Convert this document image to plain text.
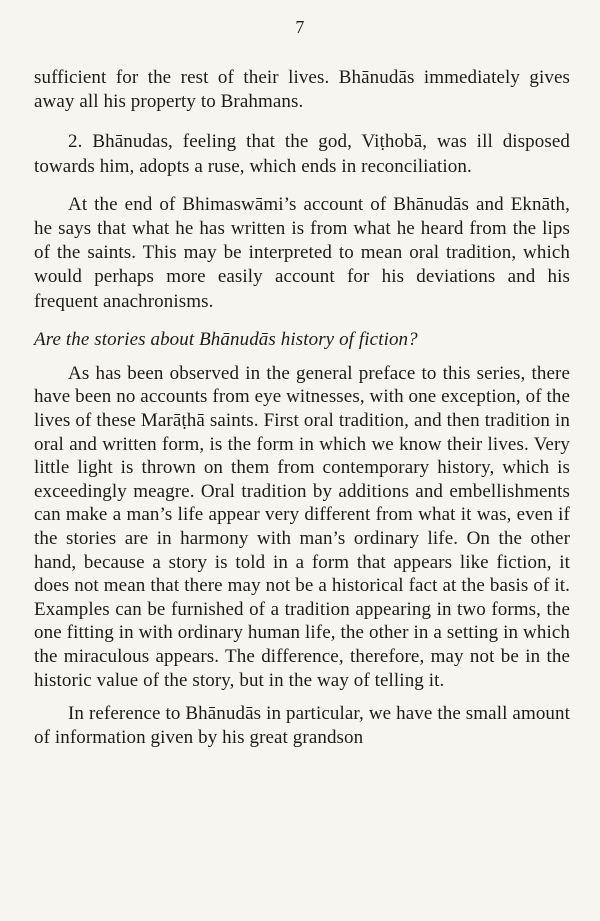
7

sufficient for the rest of their lives. Bhānudās immediately gives away all his property to Brahmans.

2. Bhānudas, feeling that the god, Viṭhobā, was ill disposed towards him, adopts a ruse, which ends in reconciliation.

At the end of Bhimaswāmi’s account of Bhānudās and Eknāth, he says that what he has written is from what he heard from the lips of the saints. This may be interpreted to mean oral tradition, which would perhaps more easily account for his deviations and his frequent anachronisms.

Are the stories about Bhānudās history of fiction?

As has been observed in the general preface to this series, there have been no accounts from eye witnesses, with one exception, of the lives of these Marāṭhā saints. First oral tradition, and then tradition in oral and written form, is the form in which we know their lives. Very little light is thrown on them from contemporary history, which is exceedingly meagre. Oral tradition by additions and embellishments can make a man’s life appear very different from what it was, even if the stories are in harmony with man’s ordinary life. On the other hand, because a story is told in a form that appears like fiction, it does not mean that there may not be a historical fact at the basis of it. Examples can be furnished of a tradition appearing in two forms, the one fitting in with ordinary human life, the other in a setting in which the miraculous appears. The difference, therefore, may not be in the historic value of the story, but in the way of telling it.

In reference to Bhānudās in particular, we have the small amount of information given by his great grandson
